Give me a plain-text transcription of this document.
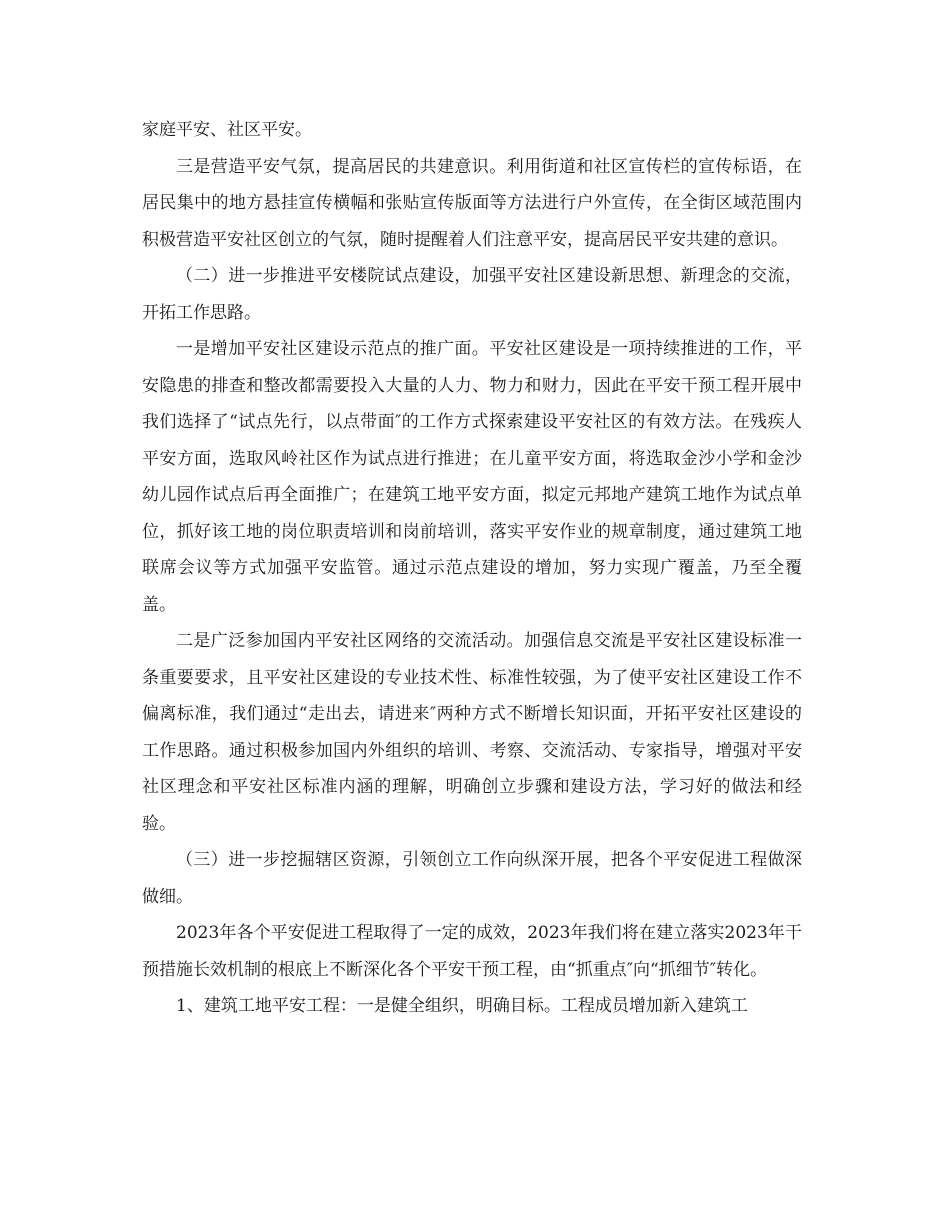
家庭平安、社区平安。

三是营造平安气氛，提高居民的共建意识。利用街道和社区宣传栏的宣传标语，在居民集中的地方悬挂宣传横幅和张贴宣传版面等方法进行户外宣传，在全街区域范围内积极营造平安社区创立的气氛，随时提醒着人们注意平安，提高居民平安共建的意识。

（二）进一步推进平安楼院试点建设，加强平安社区建设新思想、新理念的交流，开拓工作思路。

一是增加平安社区建设示范点的推广面。平安社区建设是一项持续推进的工作，平安隐患的排查和整改都需要投入大量的人力、物力和财力，因此在平安干预工程开展中我们选择了“试点先行，以点带面″的工作方式探索建设平安社区的有效方法。在残疾人平安方面，选取风岭社区作为试点进行推进；在儿童平安方面，将选取金沙小学和金沙幼儿园作试点后再全面推广；在建筑工地平安方面，拟定元邦地产建筑工地作为试点单位，抓好该工地的岗位职责培训和岗前培训，落实平安作业的规章制度，通过建筑工地联席会议等方式加强平安监管。通过示范点建设的增加，努力实现广覆盖，乃至全覆盖。

二是广泛参加国内平安社区网络的交流活动。加强信息交流是平安社区建设标准一条重要要求，且平安社区建设的专业技术性、标准性较强，为了使平安社区建设工作不偏离标准，我们通过“走出去，请进来″两种方式不断增长知识面，开拓平安社区建设的工作思路。通过积极参加国内外组织的培训、考察、交流活动、专家指导，增强对平安社区理念和平安社区标准内涵的理解，明确创立步骤和建设方法，学习好的做法和经验。

（三）进一步挖掘辖区资源，引领创立工作向纵深开展，把各个平安促进工程做深做细。

2023年各个平安促进工程取得了一定的成效，2023年我们将在建立落实2023年干预措施长效机制的根底上不断深化各个平安干预工程，由“抓重点″向“抓细节″转化。

1、建筑工地平安工程：一是健全组织，明确目标。工程成员增加新入建筑工
